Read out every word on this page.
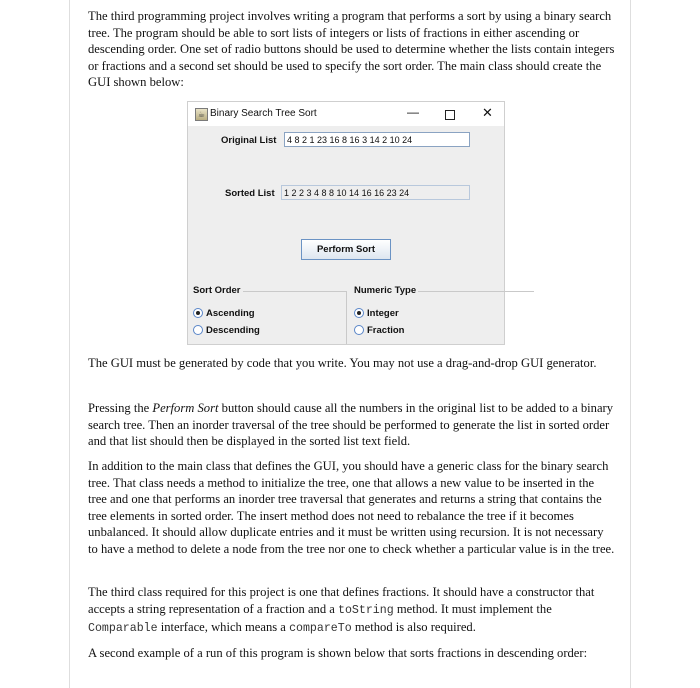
The third programming project involves writing a program that performs a sort by using a binary search tree. The program should be able to sort lists of integers or lists of fractions in either ascending or descending order. One set of radio buttons should be used to determine whether the lists contain integers or fractions and a second set should be used to specify the sort order. The main class should create the GUI shown below:

☕ Binary Search Tree Sort	—	✕
Original List	4 8 2 1 23 16 8 16 3 14 2 10 24
Sorted List	1 2 2 3 4 8 8 10 14 16 16 23 24
Perform Sort
Sort Order
Ascending
Descending
Numeric Type
Integer
Fraction

The GUI must be generated by code that you write. You may not use a drag-and-drop GUI generator.

Pressing the Perform Sort button should cause all the numbers in the original list to be added to a binary search tree. Then an inorder traversal of the tree should be performed to generate the list in sorted order and that list should then be displayed in the sorted list text field.

In addition to the main class that defines the GUI, you should have a generic class for the binary search tree. That class needs a method to initialize the tree, one that allows a new value to be inserted in the tree and one that performs an inorder tree traversal that generates and returns a string that contains the tree elements in sorted order. The insert method does not need to rebalance the tree if it becomes unbalanced. It should allow duplicate entries and it must be written using recursion. It is not necessary to have a method to delete a node from the tree nor one to check whether a particular value is in the tree.

The third class required for this project is one that defines fractions. It should have a constructor that accepts a string representation of a fraction and a toString method. It must implement the Comparable interface, which means a compareTo method is also required.

A second example of a run of this program is shown below that sorts fractions in descending order:
